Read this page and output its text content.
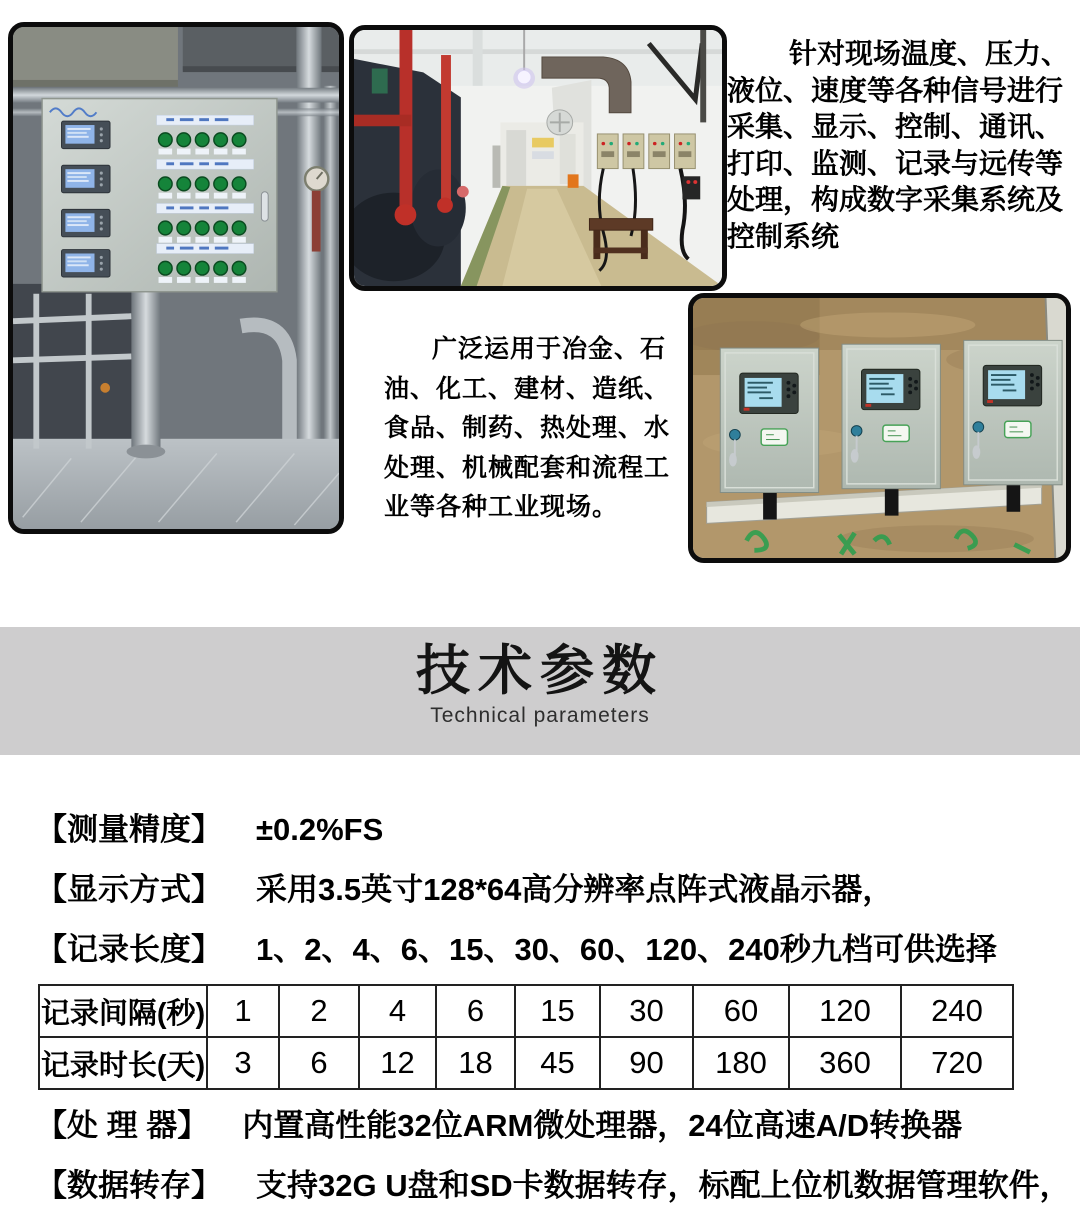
针对现场温度、压力、
液位、速度等各种信号进行
采集、显示、控制、通讯、
打印、监测、记录与远传等
处理，构成数字采集系统及
控制系统
广泛运用于冶金、石
油、化工、建材、造纸、
食品、制药、热处理、水
处理、机械配套和流程工
业等各种工业现场。
技术参数
Technical parameters
【测量精度】 ±0.2%FS
【显示方式】 采用3.5英寸128*64高分辨率点阵式液晶示器，
【记录长度】 1、2、4、6、15、30、60、120、240秒九档可供选择
记录间隔(秒)	1	2	4	6	15	30	60	120	240
记录时长(天)	3	6	12	18	45	90	180	360	720
【处 理 器】 内置高性能32位ARM微处理器，24位高速A/D转换器
【数据转存】 支持32G U盘和SD卡数据转存，标配上位机数据管理软件，
